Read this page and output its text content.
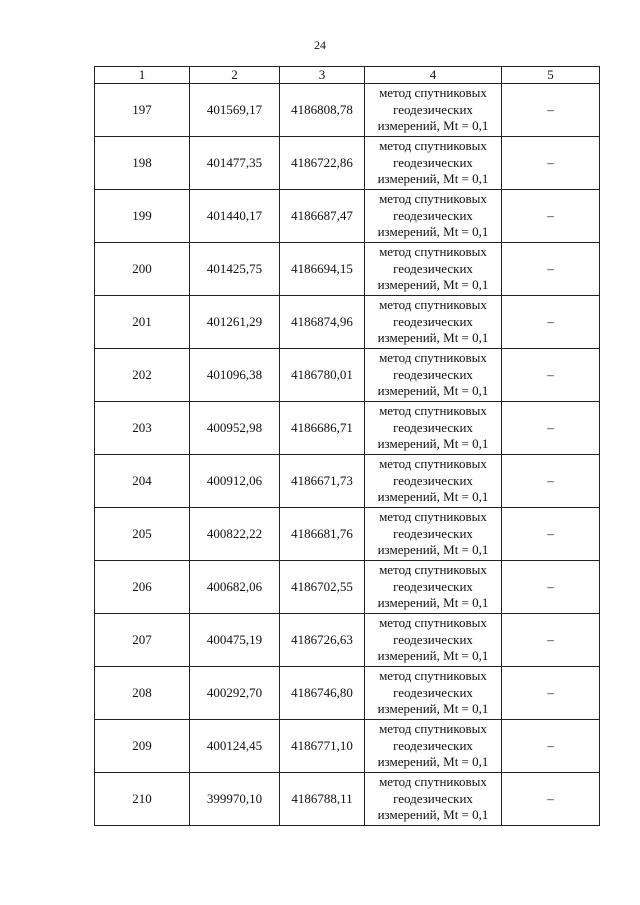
24
1	2	3	4	5
197	401569,17	4186808,78	метод спутниковых
геодезических
измерений, Mt = 0,1	–
198	401477,35	4186722,86	метод спутниковых
геодезических
измерений, Mt = 0,1	–
199	401440,17	4186687,47	метод спутниковых
геодезических
измерений, Mt = 0,1	–
200	401425,75	4186694,15	метод спутниковых
геодезических
измерений, Mt = 0,1	–
201	401261,29	4186874,96	метод спутниковых
геодезических
измерений, Mt = 0,1	–
202	401096,38	4186780,01	метод спутниковых
геодезических
измерений, Mt = 0,1	–
203	400952,98	4186686,71	метод спутниковых
геодезических
измерений, Mt = 0,1	–
204	400912,06	4186671,73	метод спутниковых
геодезических
измерений, Mt = 0,1	–
205	400822,22	4186681,76	метод спутниковых
геодезических
измерений, Mt = 0,1	–
206	400682,06	4186702,55	метод спутниковых
геодезических
измерений, Mt = 0,1	–
207	400475,19	4186726,63	метод спутниковых
геодезических
измерений, Mt = 0,1	–
208	400292,70	4186746,80	метод спутниковых
геодезических
измерений, Mt = 0,1	–
209	400124,45	4186771,10	метод спутниковых
геодезических
измерений, Mt = 0,1	–
210	399970,10	4186788,11	метод спутниковых
геодезических
измерений, Mt = 0,1	–
